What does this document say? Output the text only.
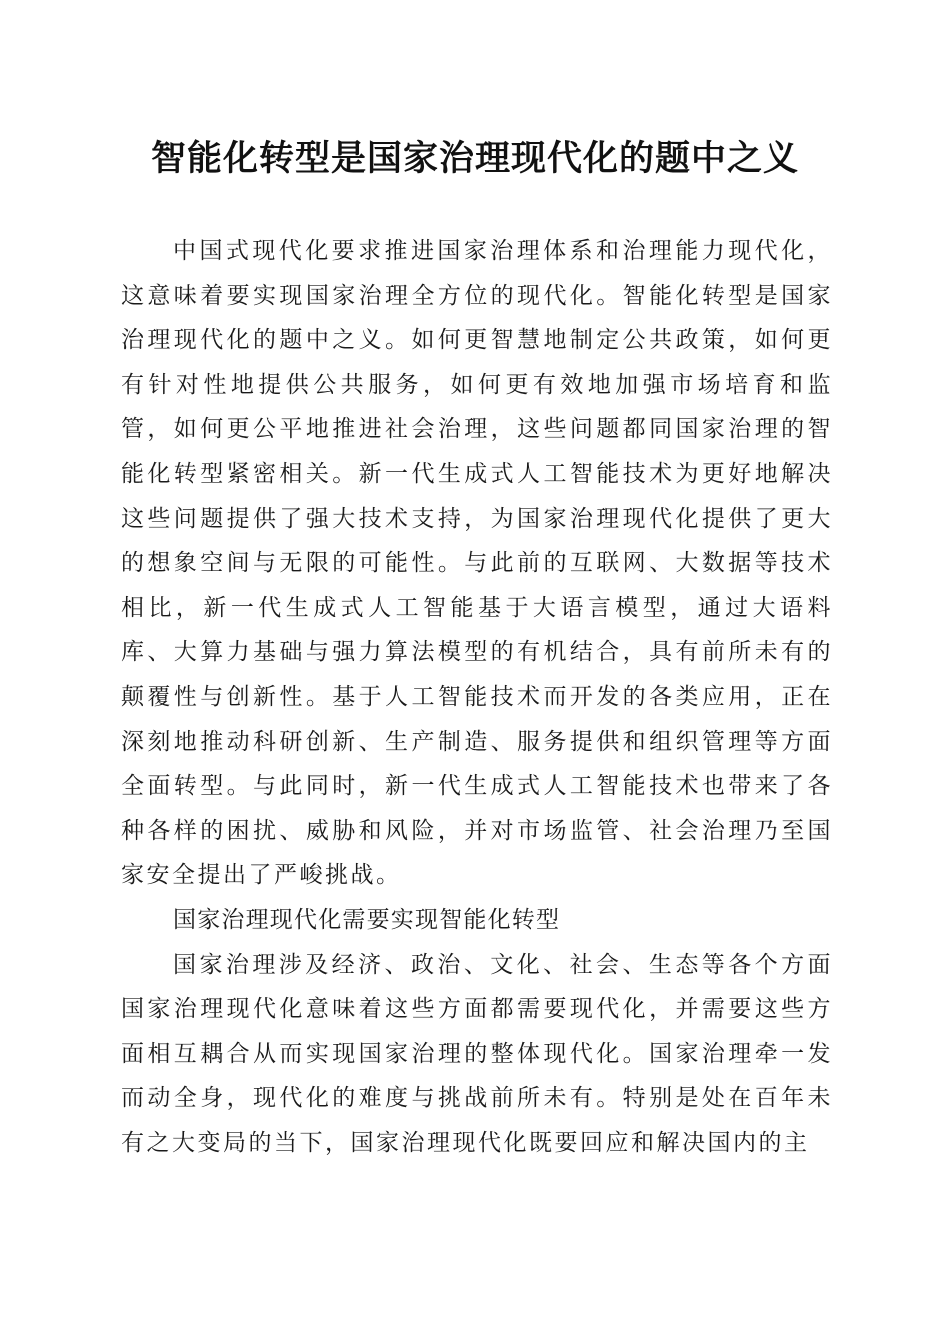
智能化转型是国家治理现代化的题中之义

中国式现代化要求推进国家治理体系和治理能力现代化，这意味着要实现国家治理全方位的现代化。智能化转型是国家治理现代化的题中之义。如何更智慧地制定公共政策，如何更有针对性地提供公共服务，如何更有效地加强市场培育和监管，如何更公平地推进社会治理，这些问题都同国家治理的智能化转型紧密相关。新一代生成式人工智能技术为更好地解决这些问题提供了强大技术支持，为国家治理现代化提供了更大的想象空间与无限的可能性。与此前的互联网、大数据等技术相比，新一代生成式人工智能基于大语言模型，通过大语料库、大算力基础与强力算法模型的有机结合，具有前所未有的颠覆性与创新性。基于人工智能技术而开发的各类应用，正在深刻地推动科研创新、生产制造、服务提供和组织管理等方面全面转型。与此同时，新一代生成式人工智能技术也带来了各种各样的困扰、威胁和风险，并对市场监管、社会治理乃至国家安全提出了严峻挑战。

国家治理现代化需要实现智能化转型

国家治理涉及经济、政治、文化、社会、生态等各个方面国家治理现代化意味着这些方面都需要现代化，并需要这些方面相互耦合从而实现国家治理的整体现代化。国家治理牵一发而动全身，现代化的难度与挑战前所未有。特别是处在百年未有之大变局的当下，国家治理现代化既要回应和解决国内的主
